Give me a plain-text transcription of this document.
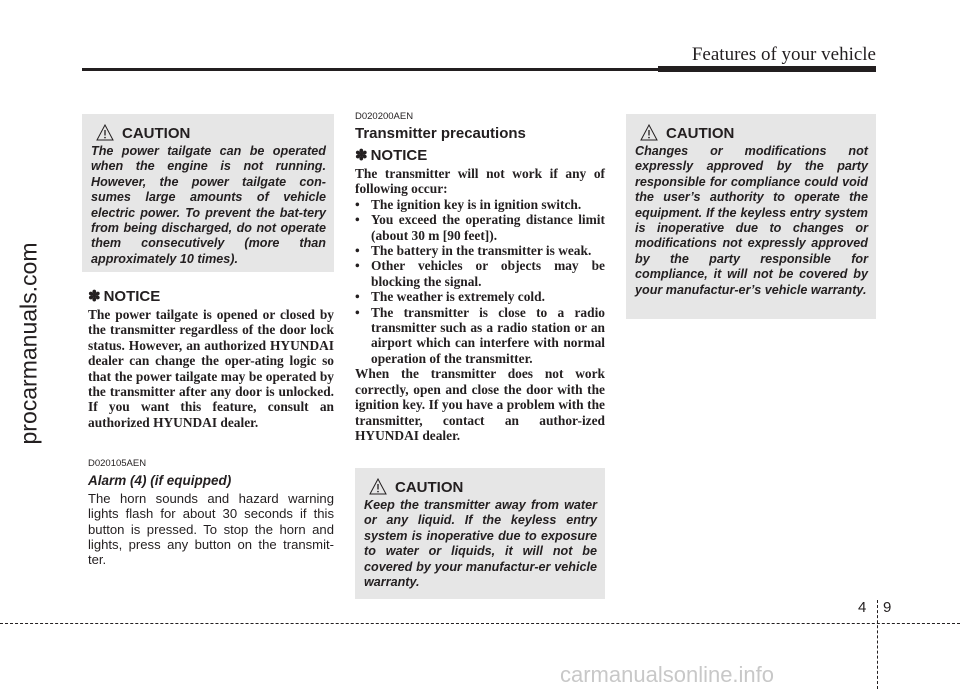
procarmanuals.com
Features of your vehicle
CAUTION

The power tailgate can be operated when the engine is not running. However, the power tailgate con-sumes large amounts of vehicle electric power. To prevent the bat-tery from being discharged, do not operate them consecutively (more than approximately 10 times).

✽ NOTICE

The power tailgate is opened or closed by the transmitter regardless of the door lock status. However, an authorized HYUNDAI dealer can change the oper-ating logic so that the power tailgate may be operated by the transmitter after any door is unlocked. If you want this feature, consult an authorized HYUNDAI dealer.

D020105AEN

Alarm (4) (if equipped)

The horn sounds and hazard warning lights flash for about 30 seconds if this button is pressed. To stop the horn and lights, press any button on the transmit-ter.

D020200AEN

Transmitter precautions

✽ NOTICE

The transmitter will not work if any of following occur:

• The ignition key is in ignition switch.
• You exceed the operating distance limit (about 30 m [90 feet]).
• The battery in the transmitter is weak.
• Other vehicles or objects may be blocking the signal.
• The weather is extremely cold.
• The transmitter is close to a radio transmitter such as a radio station or an airport which can interfere with normal operation of the transmitter.

When the transmitter does not work correctly, open and close the door with the ignition key. If you have a problem with the transmitter, contact an author-ized HYUNDAI dealer.

CAUTION

Keep the transmitter away from water or any liquid. If the keyless entry system is inoperative due to exposure to water or liquids, it will not be covered by your manufactur-er vehicle warranty.

CAUTION

Changes or modifications not expressly approved by the party responsible for compliance could void the user’s authority to operate the equipment. If the keyless entry system is inoperative due to changes or modifications not expressly approved by the party responsible for compliance, it will not be covered by your manufactur-er’s vehicle warranty.

4 9
carmanualsonline.info
